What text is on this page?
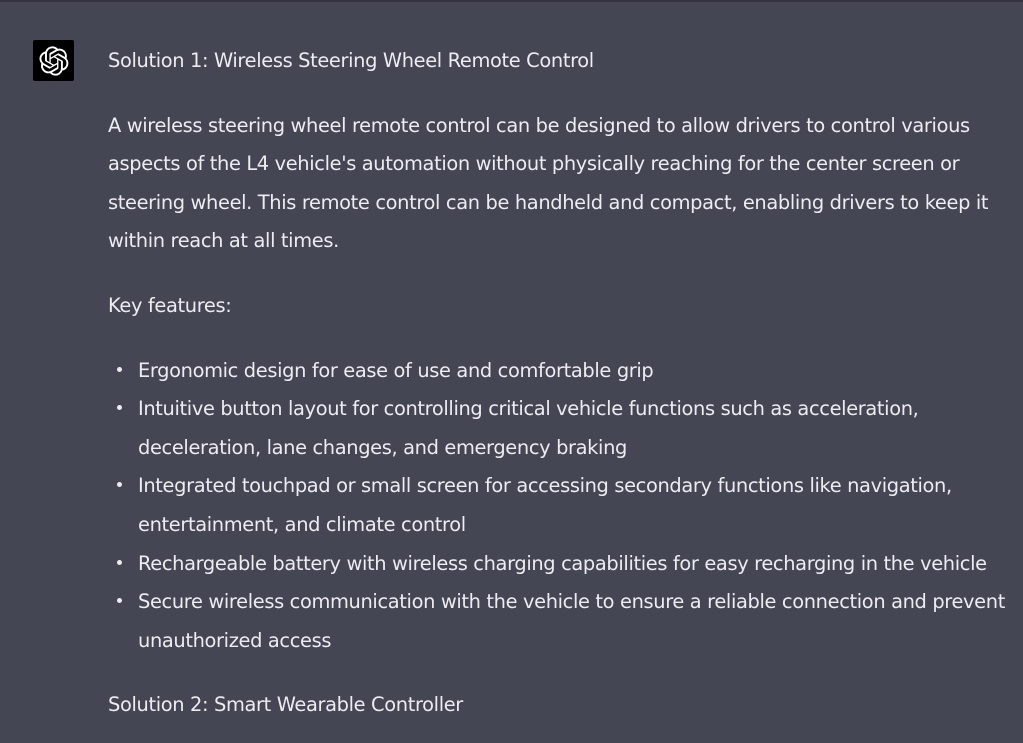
Solution 1: Wireless Steering Wheel Remote Control

A wireless steering wheel remote control can be designed to allow drivers to control various aspects of the L4 vehicle's automation without physically reaching for the center screen or steering wheel. This remote control can be handheld and compact, enabling drivers to keep it within reach at all times.

Key features:

Ergonomic design for ease of use and comfortable grip
Intuitive button layout for controlling critical vehicle functions such as acceleration, deceleration, lane changes, and emergency braking
Integrated touchpad or small screen for accessing secondary functions like navigation, entertainment, and climate control
Rechargeable battery with wireless charging capabilities for easy recharging in the vehicle
Secure wireless communication with the vehicle to ensure a reliable connection and prevent unauthorized access

Solution 2: Smart Wearable Controller
